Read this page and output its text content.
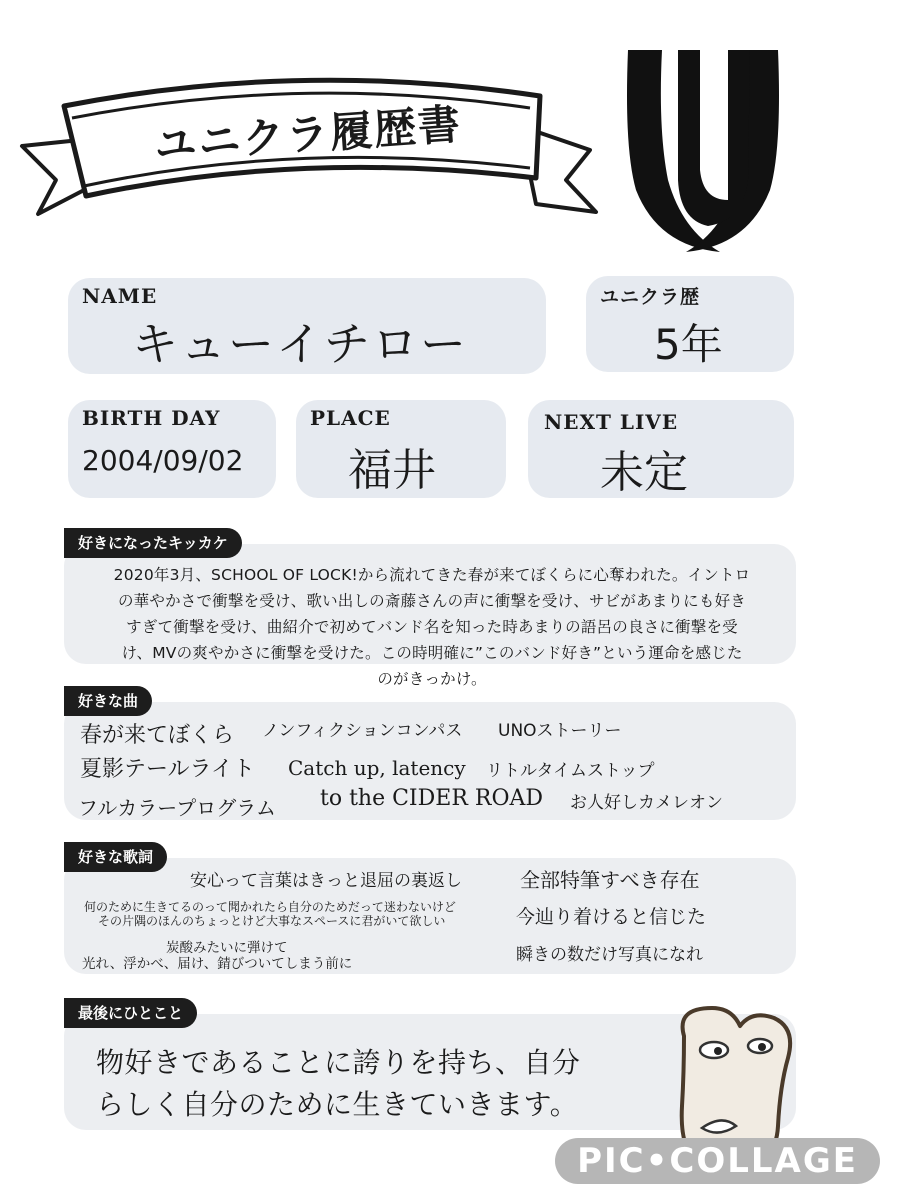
ユニクラ履歴書
NAME
キューイチロー
ユニクラ歴
5年
BIRTH DAY
2004/09/02
PLACE
福井
NEXT LIVE
未定
好きになったキッカケ
2020年3月、SCHOOL OF LOCK!から流れてきた春が来てぼくらに心奪われた。イントロ
の華やかさで衝撃を受け、歌い出しの斎藤さんの声に衝撃を受け、サビがあまりにも好き
すぎて衝撃を受け、曲紹介で初めてバンド名を知った時あまりの語呂の良さに衝撃を受
け、MVの爽やかさに衝撃を受けた。この時明確に”このバンド好き”という運命を感じた
のがきっかけ。
好きな曲
春が来てぼくら ノンフィクションコンパス UNOストーリー
夏影テールライト Catch up, latency リトルタイムストップ
フルカラープログラム to the CIDER ROAD お人好しカメレオン
好きな歌詞
安心って言葉はきっと退屈の裏返し	全部特筆すべき存在
何のために生きてるのって聞かれたら自分のためだって迷わないけど
その片隅のほんのちょっとけど大事なスペースに君がいて欲しい	今辿り着けると信じた
炭酸みたいに弾けて
光れ、浮かべ、届け、錆びついてしまう前に	瞬きの数だけ写真になれ
最後にひとこと
物好きであることに誇りを持ち、自分
らしく自分のために生きていきます。
PIC•COLLAGE
